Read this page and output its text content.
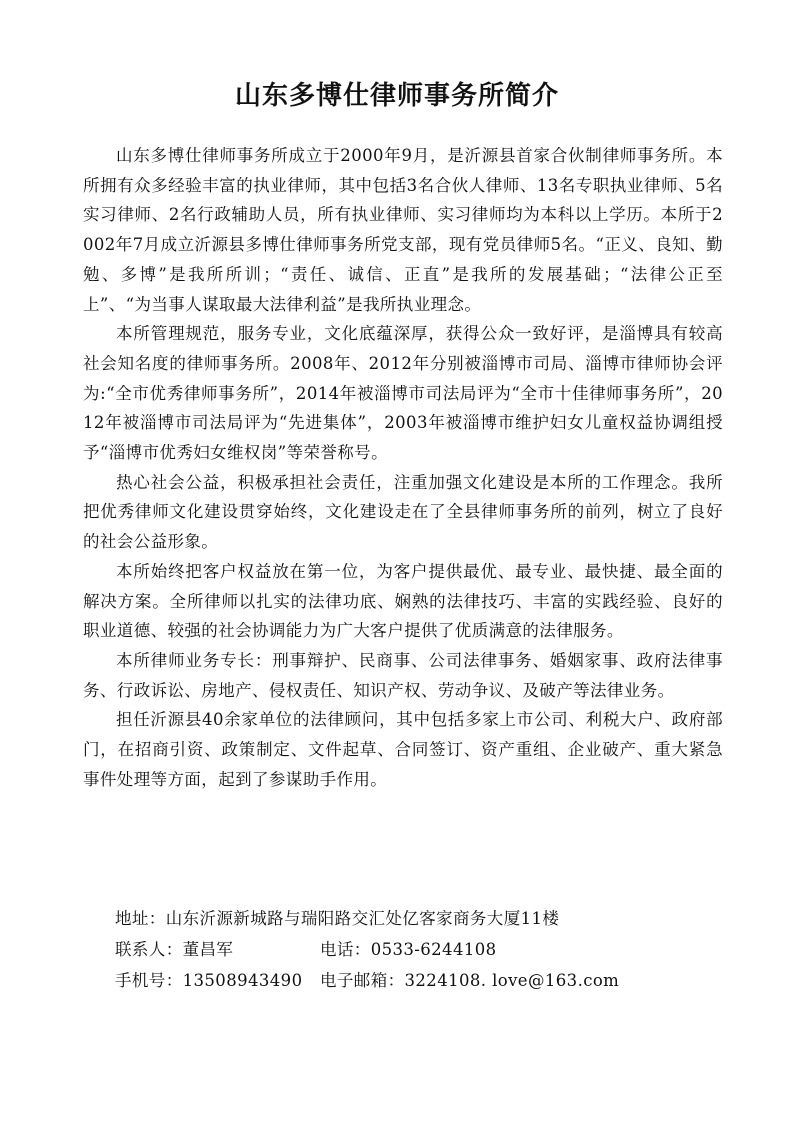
山东多博仕律师事务所简介

山东多博仕律师事务所成立于2000年9月，是沂源县首家合伙制律师事务所。本所拥有众多经验丰富的执业律师，其中包括3名合伙人律师、13名专职执业律师、5名实习律师、2名行政辅助人员，所有执业律师、实习律师均为本科以上学历。本所于2002年7月成立沂源县多博仕律师事务所党支部，现有党员律师5名。“正义、良知、勤勉、多博”是我所所训；“责任、诚信、正直”是我所的发展基础；“法律公正至上”、“为当事人谋取最大法律利益”是我所执业理念。

本所管理规范，服务专业，文化底蕴深厚，获得公众一致好评，是淄博具有较高社会知名度的律师事务所。2008年、2012年分别被淄博市司局、淄博市律师协会评为:“全市优秀律师事务所”，2014年被淄博市司法局评为“全市十佳律师事务所”，2012年被淄博市司法局评为“先进集体”，2003年被淄博市维护妇女儿童权益协调组授予“淄博市优秀妇女维权岗”等荣誉称号。

热心社会公益，积极承担社会责任，注重加强文化建设是本所的工作理念。我所把优秀律师文化建设贯穿始终，文化建设走在了全县律师事务所的前列，树立了良好的社会公益形象。

本所始终把客户权益放在第一位，为客户提供最优、最专业、最快捷、最全面的解决方案。全所律师以扎实的法律功底、娴熟的法律技巧、丰富的实践经验、良好的职业道德、较强的社会协调能力为广大客户提供了优质满意的法律服务。

本所律师业务专长：刑事辩护、民商事、公司法律事务、婚姻家事、政府法律事务、行政诉讼、房地产、侵权责任、知识产权、劳动争议、及破产等法律业务。

担任沂源县40余家单位的法律顾问，其中包括多家上市公司、利税大户、政府部门，在招商引资、政策制定、文件起草、合同签订、资产重组、企业破产、重大紧急事件处理等方面，起到了参谋助手作用。

地址：山东沂源新城路与瑞阳路交汇处亿客家商务大厦11楼
联系人：董昌军	电话：0533-6244108
手机号：13508943490	电子邮箱：3224108. love@163.com
